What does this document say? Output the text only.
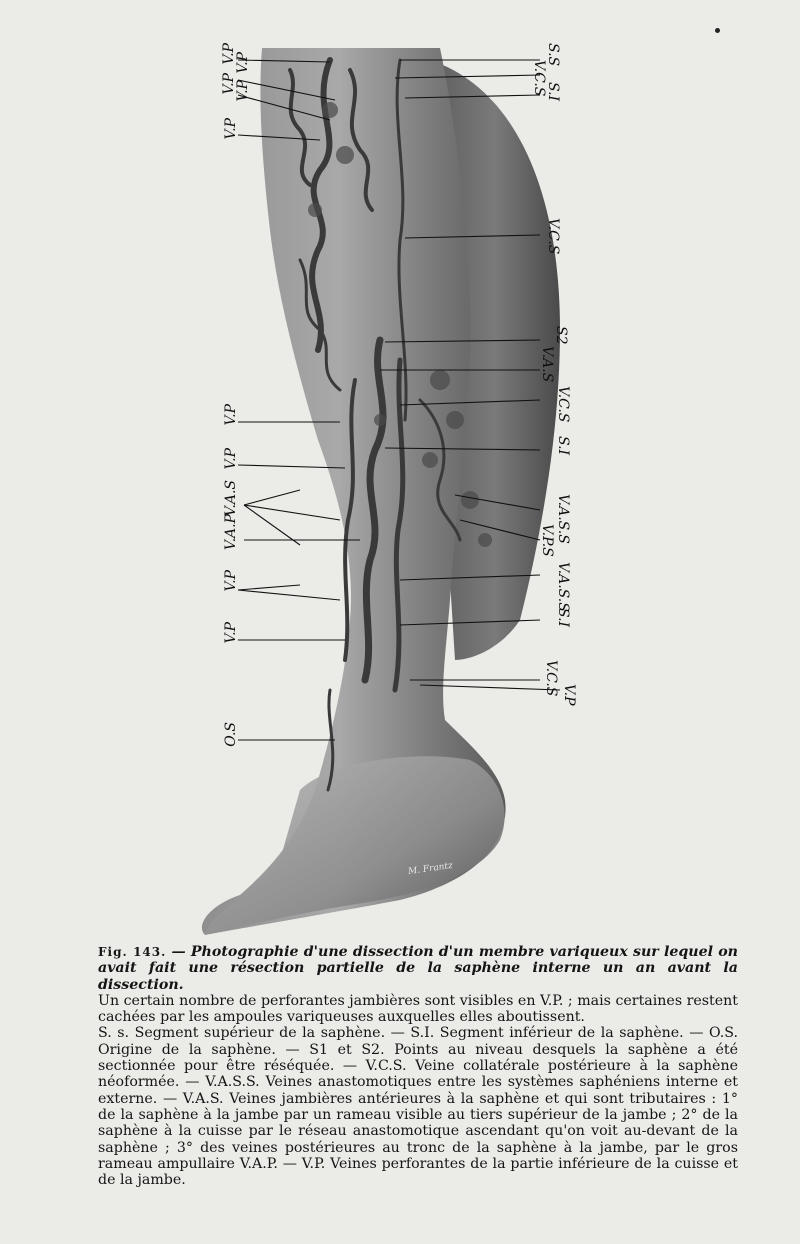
V.P
V.P
V.P
V.P
V.P
V.P
V.P
V.A.S
V.A.P
V.P
V.P
O.S
S.S
V.C.S
S.I
V.C.S
S2
V.A.S
V.C.S
S.I
V.A.S.S
V.P.S
V.A.S.S
S.I
V.C.S V.P
M. Frantz

Fig. 143. — Photographie d'une dissection d'un membre variqueux sur lequel on avait fait une résection partielle de la saphène interne un an avant la dissection.

Un certain nombre de perforantes jambières sont visibles en V.P. ; mais certaines restent cachées par les ampoules variqueuses auxquelles elles aboutissent.

S. s. Segment supérieur de la saphène. — S.I. Segment inférieur de la saphène. — O.S. Origine de la saphène. — S1 et S2. Points au niveau desquels la saphène a été sectionnée pour être réséquée. — V.C.S. Veine collatérale postérieure à la saphène néoformée. — V.A.S.S. Veines anastomotiques entre les systèmes saphéniens interne et externe. — V.A.S. Veines jambières antérieures à la saphène et qui sont tributaires : 1° de la saphène à la jambe par un rameau visible au tiers supérieur de la jambe ; 2° de la saphène à la cuisse par le réseau anastomotique ascendant qu'on voit au-devant de la saphène ; 3° des veines postérieures au tronc de la saphène à la jambe, par le gros rameau ampullaire V.A.P. — V.P. Veines perforantes de la partie inférieure de la cuisse et de la jambe.
